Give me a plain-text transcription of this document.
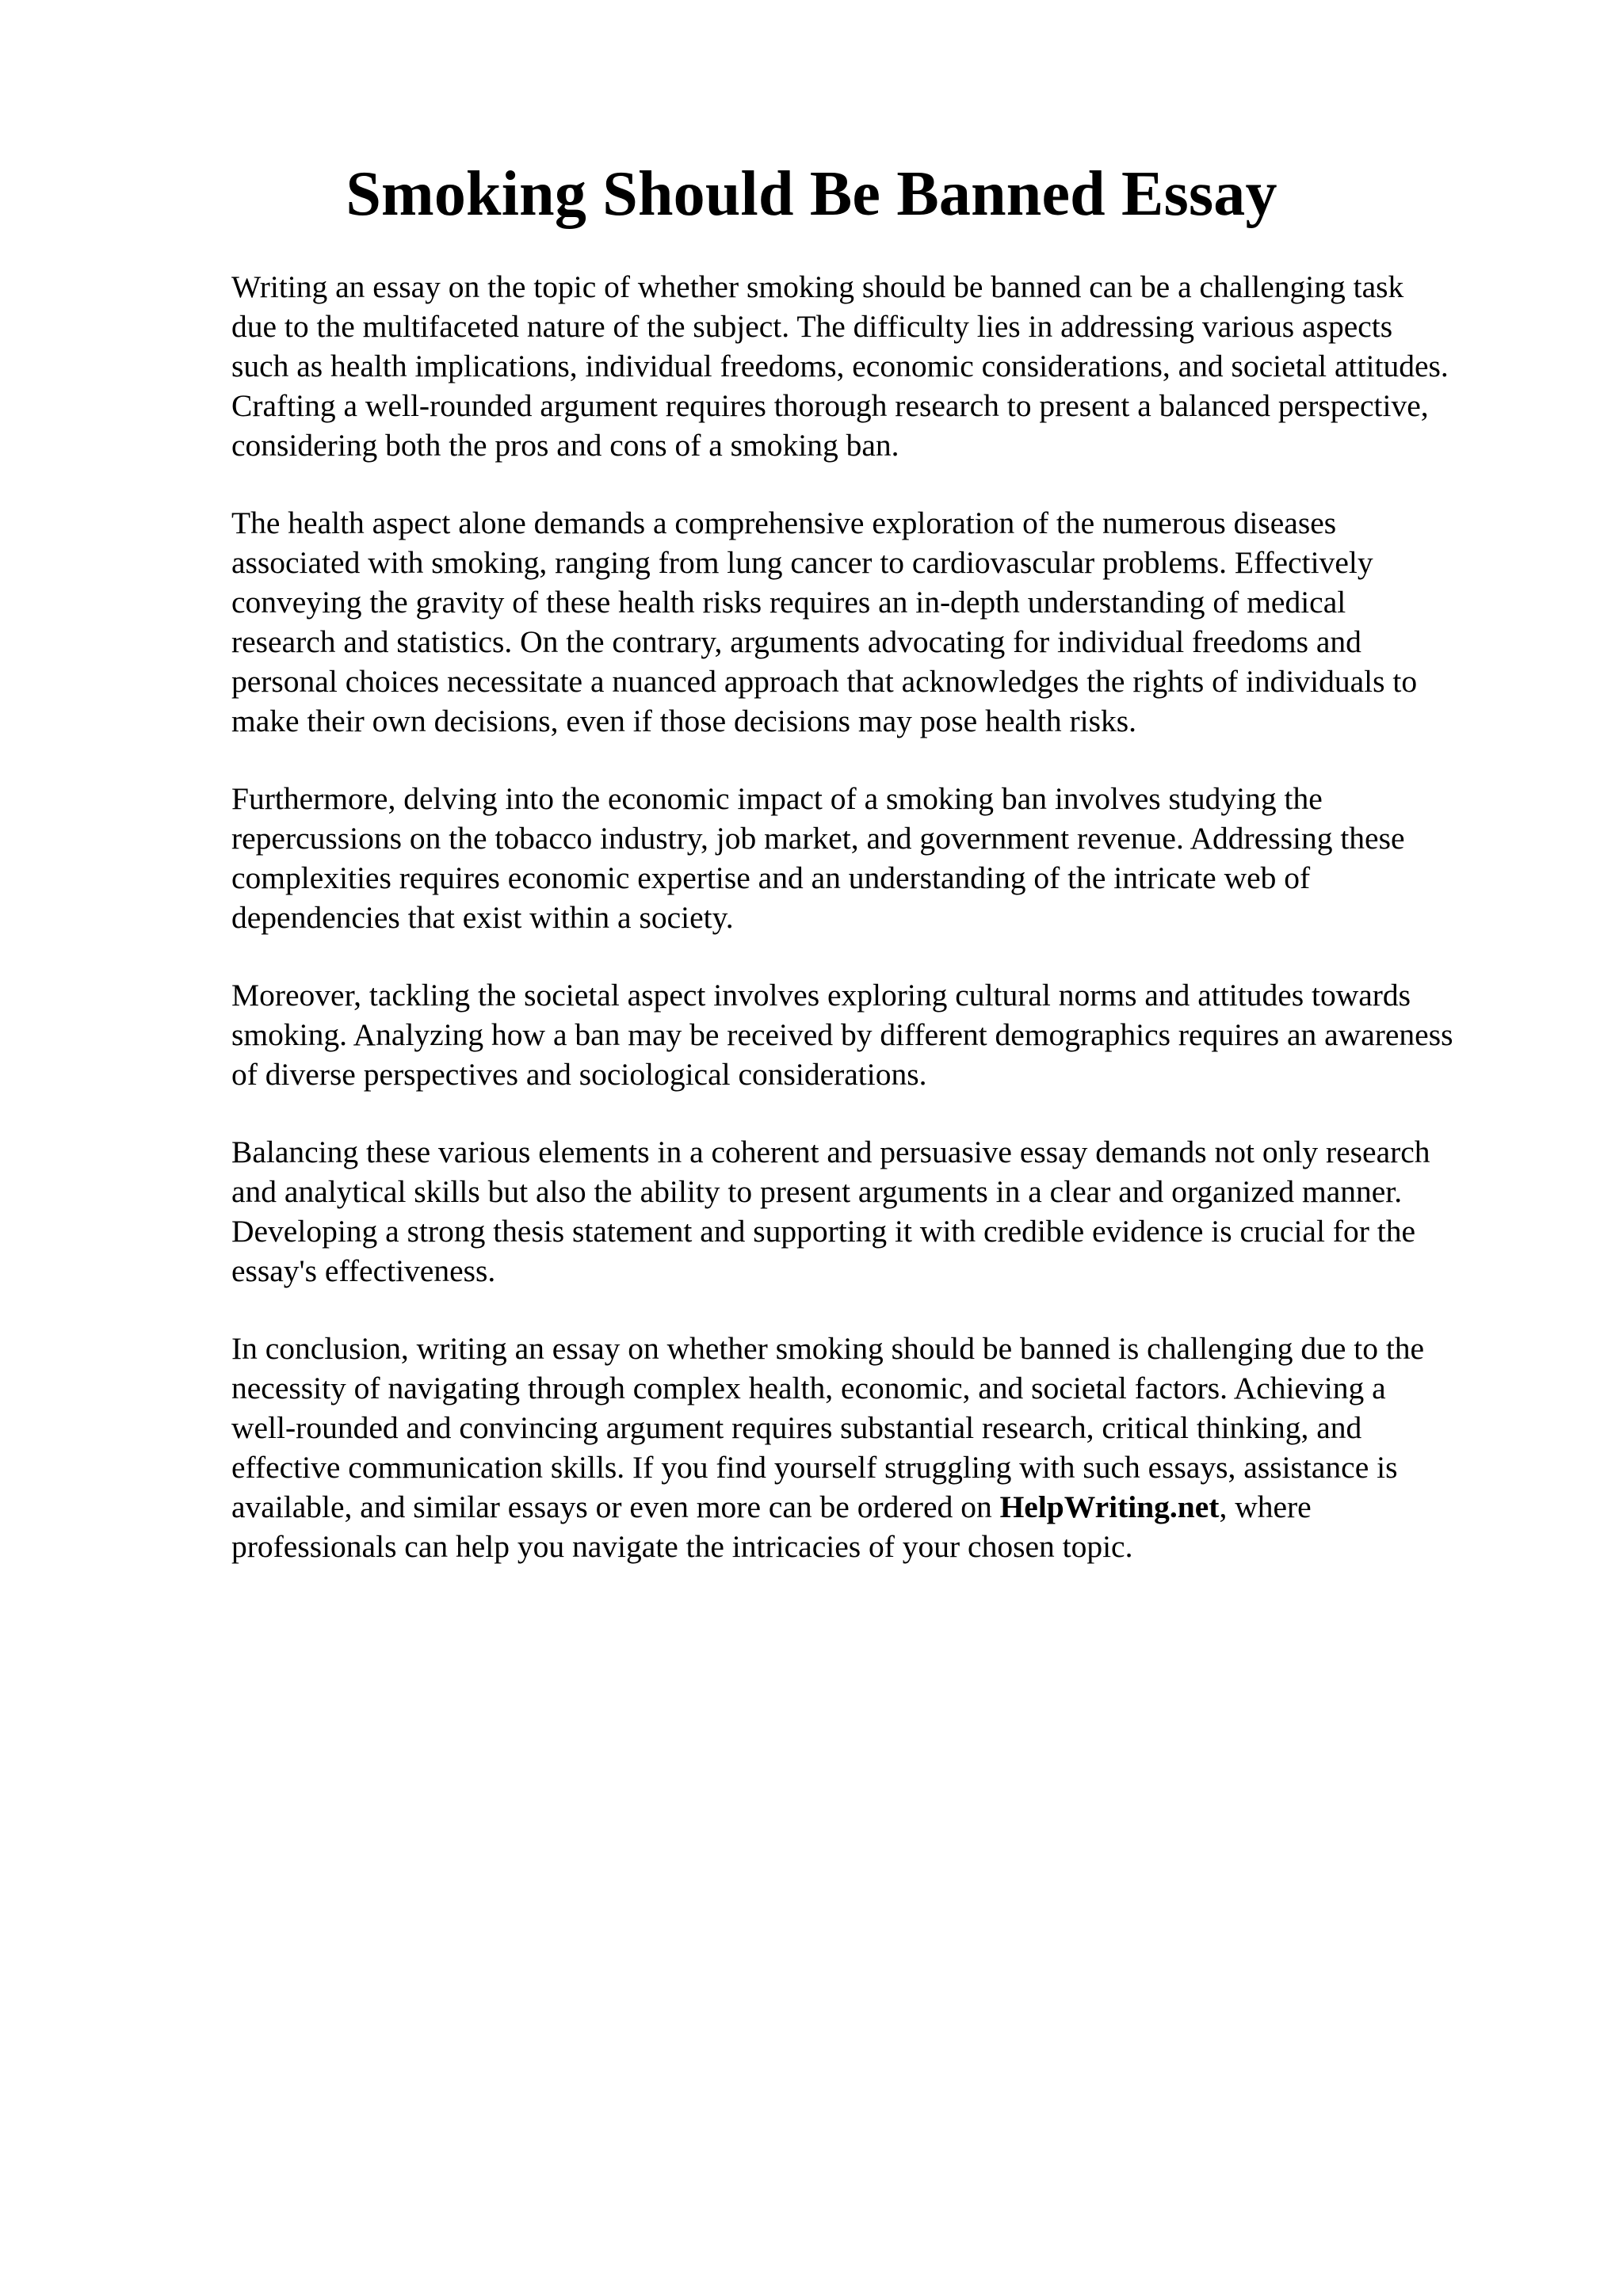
Smoking Should Be Banned Essay

Writing an essay on the topic of whether smoking should be banned can be a challenging task
due to the multifaceted nature of the subject. The difficulty lies in addressing various aspects
such as health implications, individual freedoms, economic considerations, and societal attitudes.
Crafting a well-rounded argument requires thorough research to present a balanced perspective,
considering both the pros and cons of a smoking ban.

The health aspect alone demands a comprehensive exploration of the numerous diseases
associated with smoking, ranging from lung cancer to cardiovascular problems. Effectively
conveying the gravity of these health risks requires an in-depth understanding of medical
research and statistics. On the contrary, arguments advocating for individual freedoms and
personal choices necessitate a nuanced approach that acknowledges the rights of individuals to
make their own decisions, even if those decisions may pose health risks.

Furthermore, delving into the economic impact of a smoking ban involves studying the
repercussions on the tobacco industry, job market, and government revenue. Addressing these
complexities requires economic expertise and an understanding of the intricate web of
dependencies that exist within a society.

Moreover, tackling the societal aspect involves exploring cultural norms and attitudes towards
smoking. Analyzing how a ban may be received by different demographics requires an awareness
of diverse perspectives and sociological considerations.

Balancing these various elements in a coherent and persuasive essay demands not only research
and analytical skills but also the ability to present arguments in a clear and organized manner.
Developing a strong thesis statement and supporting it with credible evidence is crucial for the
essay's effectiveness.

In conclusion, writing an essay on whether smoking should be banned is challenging due to the
necessity of navigating through complex health, economic, and societal factors. Achieving a
well-rounded and convincing argument requires substantial research, critical thinking, and
effective communication skills. If you find yourself struggling with such essays, assistance is
available, and similar essays or even more can be ordered on HelpWriting.net, where
professionals can help you navigate the intricacies of your chosen topic.
